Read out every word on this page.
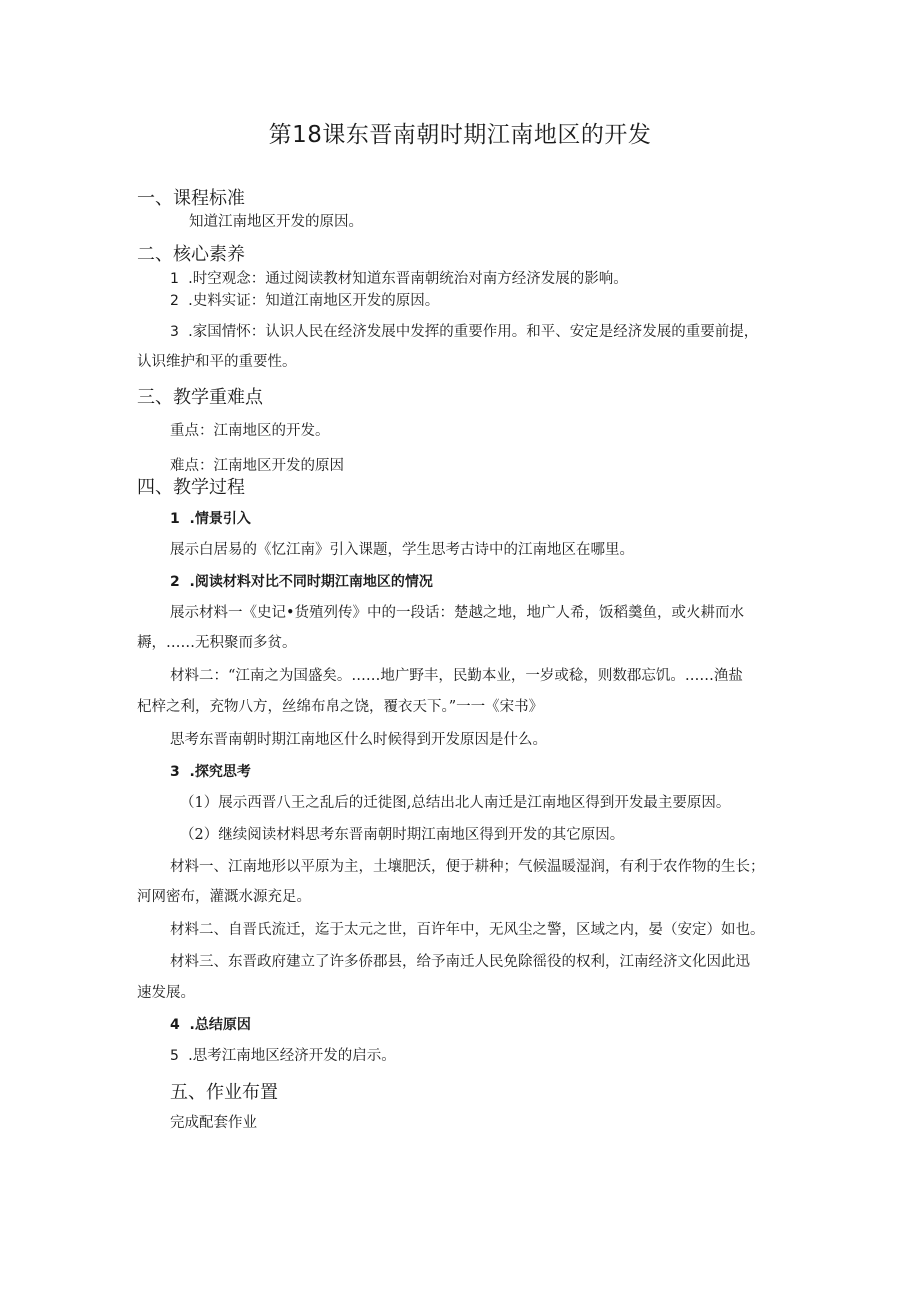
第18课东晋南朝时期江南地区的开发
一、课程标准
知道江南地区开发的原因。
二、核心素养
1 .时空观念：通过阅读教材知道东晋南朝统治对南方经济发展的影响。
2 .史料实证：知道江南地区开发的原因。
3 .家国情怀：认识人民在经济发展中发挥的重要作用。和平、安定是经济发展的重要前提，
认识维护和平的重要性。
三、教学重难点
重点：江南地区的开发。
难点：江南地区开发的原因
四、教学过程
1 .情景引入
展示白居易的《忆江南》引入课题，学生思考古诗中的江南地区在哪里。
2 .阅读材料对比不同时期江南地区的情况
展示材料一《史记•货殖列传》中的一段话：楚越之地，地广人希，饭稻羹鱼，或火耕而水
耨，……无积聚而多贫。
材料二：“江南之为国盛矣。……地广野丰，民勤本业，一岁或稔，则数郡忘饥。……渔盐
杞梓之利，充物八方，丝绵布帛之饶，覆衣天下。”一一《宋书》
思考东晋南朝时期江南地区什么时候得到开发原因是什么。
3 .探究思考
（1）展示西晋八王之乱后的迁徙图,总结出北人南迁是江南地区得到开发最主要原因。
（2）继续阅读材料思考东晋南朝时期江南地区得到开发的其它原因。
材料一、江南地形以平原为主，土壤肥沃，便于耕种；气候温暖湿润，有利于农作物的生长；
河网密布，灌溉水源充足。
材料二、自晋氏流迁，迄于太元之世，百许年中，无风尘之警，区域之内，晏（安定）如也。
材料三、东晋政府建立了许多侨郡县，给予南迁人民免除徭役的权利，江南经济文化因此迅
速发展。
4 .总结原因
5 .思考江南地区经济开发的启示。
五、作业布置
完成配套作业
